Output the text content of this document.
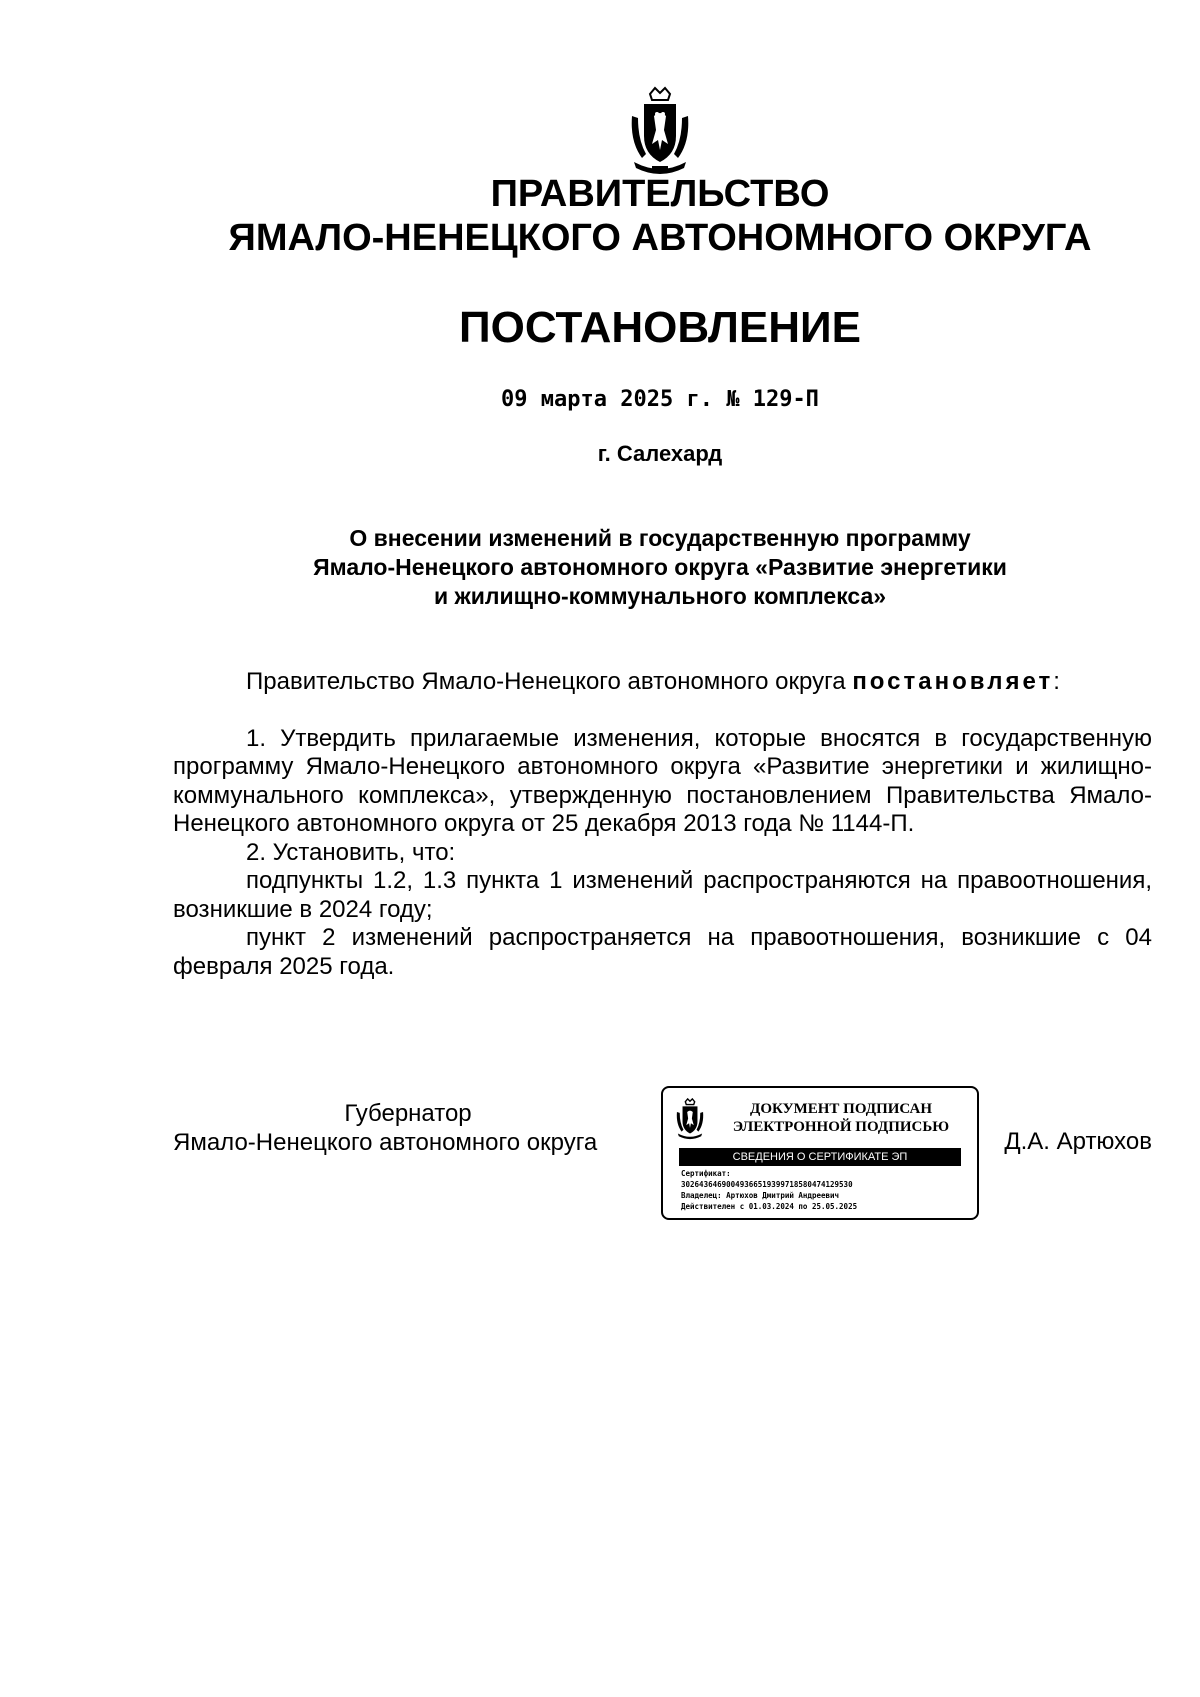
ПРАВИТЕЛЬСТВО
ЯМАЛО-НЕНЕЦКОГО АВТОНОМНОГО ОКРУГА
ПОСТАНОВЛЕНИЕ
09 марта 2025 г. № 129-П
г. Салехард
О внесении изменений в государственную программу
Ямало-Ненецкого автономного округа «Развитие энергетики
и жилищно-коммунального комплекса»

Правительство Ямало-Ненецкого автономного округа постановляет:

1. Утвердить прилагаемые изменения, которые вносятся в государственную программу Ямало-Ненецкого автономного округа «Развитие энергетики и жилищно-коммунального комплекса», утвержденную постановлением Правительства Ямало-Ненецкого автономного округа от 25 декабря 2013 года № 1144-П.

2. Установить, что:

подпункты 1.2, 1.3 пункта 1 изменений распространяются на правоотношения, возникшие в 2024 году;

пункт 2 изменений распространяется на правоотношения, возникшие с 04 февраля 2025 года.

Губернатор
Ямало-Ненецкого автономного округа
ДОКУМЕНТ ПОДПИСАН
ЭЛЕКТРОННОЙ ПОДПИСЬЮ
СВЕДЕНИЯ О СЕРТИФИКАТЕ ЭП
Сертификат:
30264364690049366519399718580474129530
Владелец: Артюхов Дмитрий Андреевич
Действителен с 01.03.2024 по 25.05.2025
Д.А. Артюхов
